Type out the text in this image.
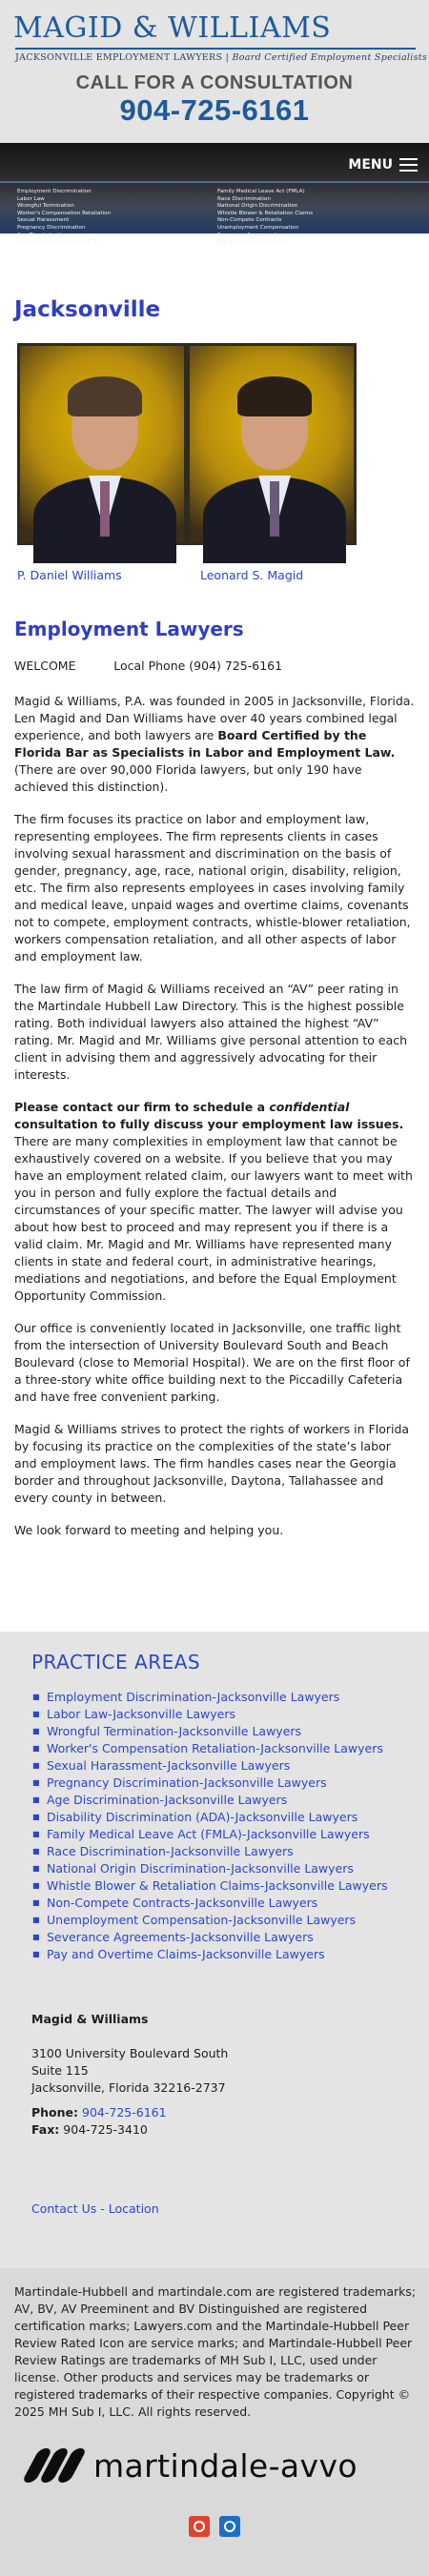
MAGID & WILLIAMS
JACKSONVILLE EMPLOYMENT LAWYERS | Board Certified Employment Specialists
CALL FOR A CONSULTATION
904-725-6161
MENU
Employment Discrimination
Labor Law
Wrongful Termination
Worker's Compensation Retaliation
Sexual Harassment
Pregnancy Discrimination
Age Discrimination
Disability Discrimination (ADA)
Family Medical Leave Act (FMLA)
Race Discrimination
National Origin Discrimination
Whistle Blower & Retaliation Claims
Non-Compete Contracts
Unemployment Compensation
Severance Agreements
Pay and Overtime Claims
FIGHTING FOR YOUR EMPLOYMENT RIGHTS SINCE 2005
Jacksonville
P. Daniel Williams	Leonard S. Magid
Employment Lawyers
WELCOME	Local Phone (904) 725-6161

Magid & Williams, P.A. was founded in 2005 in Jacksonville, Florida. Len Magid and Dan Williams have over 40 years combined legal experience, and both lawyers are Board Certified by the Florida Bar as Specialists in Labor and Employment Law. (There are over 90,000 Florida lawyers, but only 190 have achieved this distinction).

The firm focuses its practice on labor and employment law, representing employees. The firm represents clients in cases involving sexual harassment and discrimination on the basis of gender, pregnancy, age, race, national origin, disability, religion, etc. The firm also represents employees in cases involving family and medical leave, unpaid wages and overtime claims, covenants not to compete, employment contracts, whistle-blower retaliation, workers compensation retaliation, and all other aspects of labor and employment law.

The law firm of Magid & Williams received an “AV” peer rating in the Martindale Hubbell Law Directory. This is the highest possible rating. Both individual lawyers also attained the highest “AV” rating. Mr. Magid and Mr. Williams give personal attention to each client in advising them and aggressively advocating for their interests.

Please contact our firm to schedule a confidential consultation to fully discuss your employment law issues. There are many complexities in employment law that cannot be exhaustively covered on a website. If you believe that you may have an employment related claim, our lawyers want to meet with you in person and fully explore the factual details and circumstances of your specific matter. The lawyer will advise you about how best to proceed and may represent you if there is a valid claim. Mr. Magid and Mr. Williams have represented many clients in state and federal court, in administrative hearings, mediations and negotiations, and before the Equal Employment Opportunity Commission.

Our office is conveniently located in Jacksonville, one traffic light from the intersection of University Boulevard South and Beach Boulevard (close to Memorial Hospital). We are on the first floor of a three-story white office building next to the Piccadilly Cafeteria and have free convenient parking.

Magid & Williams strives to protect the rights of workers in Florida by focusing its practice on the complexities of the state’s labor and employment laws. The firm handles cases near the Georgia border and throughout Jacksonville, Daytona, Tallahassee and every county in between.

We look forward to meeting and helping you.

PRACTICE AREAS
■ Employment Discrimination-Jacksonville Lawyers
■ Labor Law-Jacksonville Lawyers
■ Wrongful Termination-Jacksonville Lawyers
■ Worker's Compensation Retaliation-Jacksonville Lawyers
■ Sexual Harassment-Jacksonville Lawyers
■ Pregnancy Discrimination-Jacksonville Lawyers
■ Age Discrimination-Jacksonville Lawyers
■ Disability Discrimination (ADA)-Jacksonville Lawyers
■ Family Medical Leave Act (FMLA)-Jacksonville Lawyers
■ Race Discrimination-Jacksonville Lawyers
■ National Origin Discrimination-Jacksonville Lawyers
■ Whistle Blower & Retaliation Claims-Jacksonville Lawyers
■ Non-Compete Contracts-Jacksonville Lawyers
■ Unemployment Compensation-Jacksonville Lawyers
■ Severance Agreements-Jacksonville Lawyers
■ Pay and Overtime Claims-Jacksonville Lawyers
Magid & Williams
3100 University Boulevard South
Suite 115
Jacksonville, Florida 32216-2737
Phone: 904-725-6161
Fax: 904-725-3410
Contact Us - Location
Martindale-Hubbell and martindale.com are registered trademarks; AV, BV, AV Preeminent and BV Distinguished are registered certification marks; Lawyers.com and the Martindale-Hubbell Peer Review Rated Icon are service marks; and Martindale-Hubbell Peer Review Ratings are trademarks of MH Sub I, LLC, used under license. Other products and services may be trademarks or registered trademarks of their respective companies. Copyright © 2025 MH Sub I, LLC. All rights reserved.
martindale-avvo
